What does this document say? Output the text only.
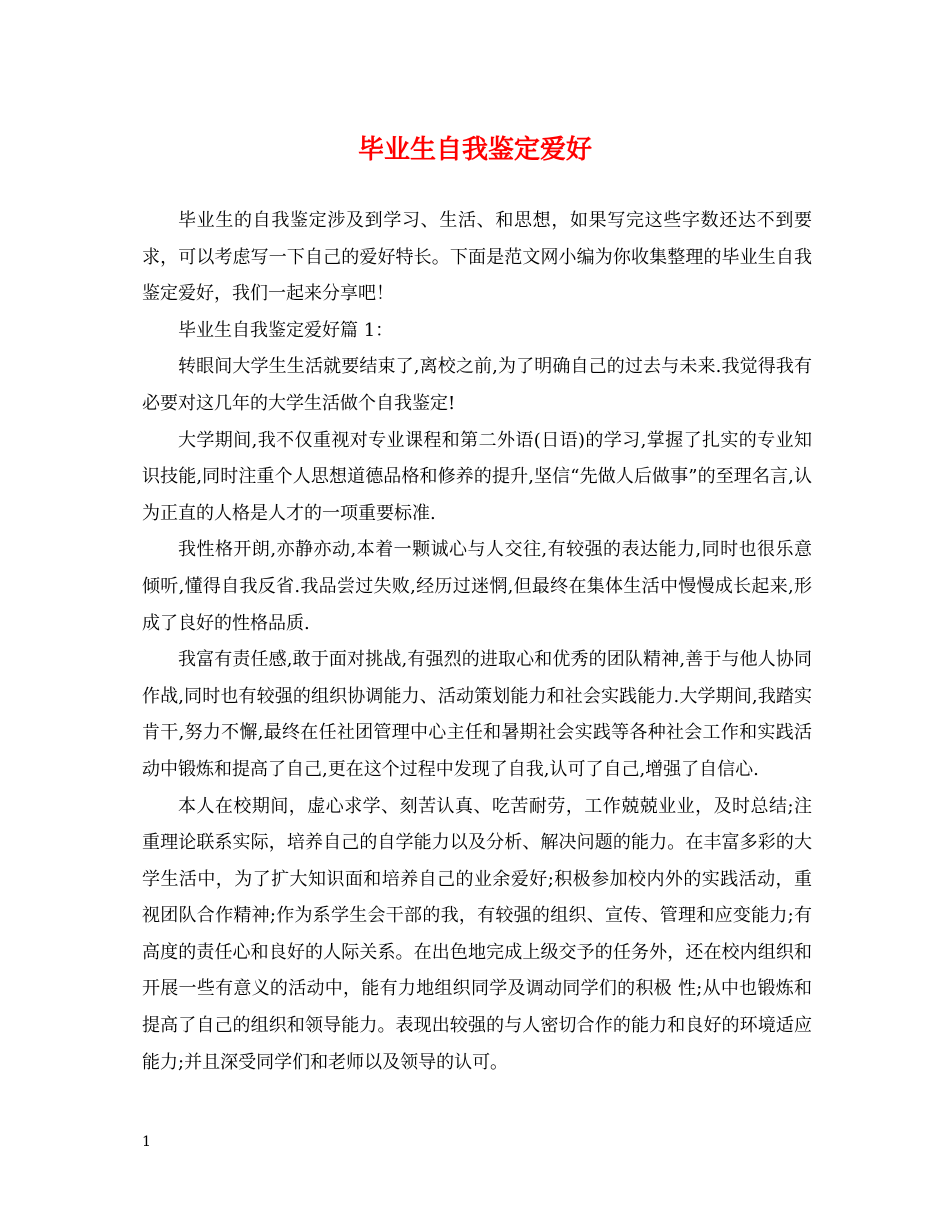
毕业生自我鉴定爱好

毕业生的自我鉴定涉及到学习、生活、和思想，如果写完这些字数还达不到要求，可以考虑写一下自己的爱好特长。下面是范文网小编为你收集整理的毕业生自我鉴定爱好，我们一起来分享吧！

毕业生自我鉴定爱好篇 1：

转眼间大学生生活就要结束了,离校之前,为了明确自己的过去与未来.我觉得我有必要对这几年的大学生活做个自我鉴定!

大学期间,我不仅重视对专业课程和第二外语(日语)的学习,掌握了扎实的专业知识技能,同时注重个人思想道德品格和修养的提升,坚信“先做人后做事”的至理名言,认为正直的人格是人才的一项重要标准.

我性格开朗,亦静亦动,本着一颗诚心与人交往,有较强的表达能力,同时也很乐意倾听,懂得自我反省.我品尝过失败,经历过迷惘,但最终在集体生活中慢慢成长起来,形成了良好的性格品质.

我富有责任感,敢于面对挑战,有强烈的进取心和优秀的团队精神,善于与他人协同作战,同时也有较强的组织协调能力、活动策划能力和社会实践能力.大学期间,我踏实肯干,努力不懈,最终在任社团管理中心主任和暑期社会实践等各种社会工作和实践活动中锻炼和提高了自己,更在这个过程中发现了自我,认可了自己,增强了自信心.

本人在校期间，虚心求学、刻苦认真、吃苦耐劳，工作兢兢业业，及时总结;注重理论联系实际，培养自己的自学能力以及分析、解决问题的能力。在丰富多彩的大学生活中，为了扩大知识面和培养自己的业余爱好;积极参加校内外的实践活动，重视团队合作精神;作为系学生会干部的我，有较强的组织、宣传、管理和应变能力;有高度的责任心和良好的人际关系。在出色地完成上级交予的任务外，还在校内组织和开展一些有意义的活动中，能有力地组织同学及调动同学们的积极 性;从中也锻炼和提高了自己的组织和领导能力。表现出较强的与人密切合作的能力和良好的环境适应能力;并且深受同学们和老师以及领导的认可。

1
